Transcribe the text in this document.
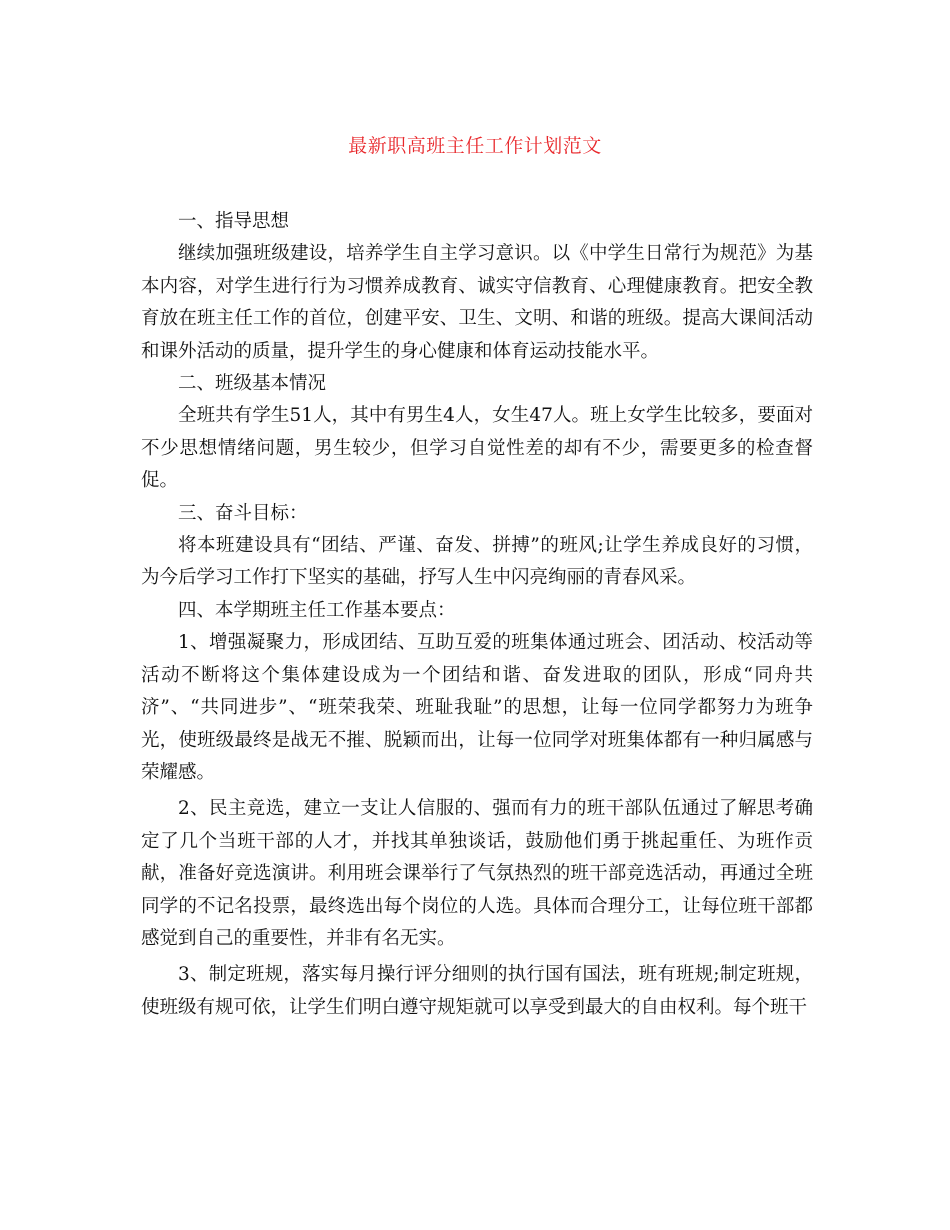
最新职高班主任工作计划范文

一、指导思想

继续加强班级建设，培养学生自主学习意识。以《中学生日常行为规范》为基本内容，对学生进行行为习惯养成教育、诚实守信教育、心理健康教育。把安全教育放在班主任工作的首位，创建平安、卫生、文明、和谐的班级。提高大课间活动和课外活动的质量，提升学生的身心健康和体育运动技能水平。

二、班级基本情况

全班共有学生51人，其中有男生4人，女生47人。班上女学生比较多，要面对不少思想情绪问题，男生较少，但学习自觉性差的却有不少，需要更多的检查督促。

三、奋斗目标：

将本班建设具有“团结、严谨、奋发、拼搏”的班风;让学生养成良好的习惯，为今后学习工作打下坚实的基础，抒写人生中闪亮绚丽的青春风采。

四、本学期班主任工作基本要点：

1、增强凝聚力，形成团结、互助互爱的班集体通过班会、团活动、校活动等活动不断将这个集体建设成为一个团结和谐、奋发进取的团队，形成“同舟共济”、“共同进步”、“班荣我荣、班耻我耻”的思想，让每一位同学都努力为班争光，使班级最终是战无不摧、脱颖而出，让每一位同学对班集体都有一种归属感与荣耀感。

2、民主竞选，建立一支让人信服的、强而有力的班干部队伍通过了解思考确定了几个当班干部的人才，并找其单独谈话，鼓励他们勇于挑起重任、为班作贡献，准备好竞选演讲。利用班会课举行了气氛热烈的班干部竞选活动，再通过全班同学的不记名投票，最终选出每个岗位的人选。具体而合理分工，让每位班干部都感觉到自己的重要性，并非有名无实。

3、制定班规，落实每月操行评分细则的执行国有国法，班有班规;制定班规，使班级有规可依，让学生们明白遵守规矩就可以享受到最大的自由权利。每个班干
